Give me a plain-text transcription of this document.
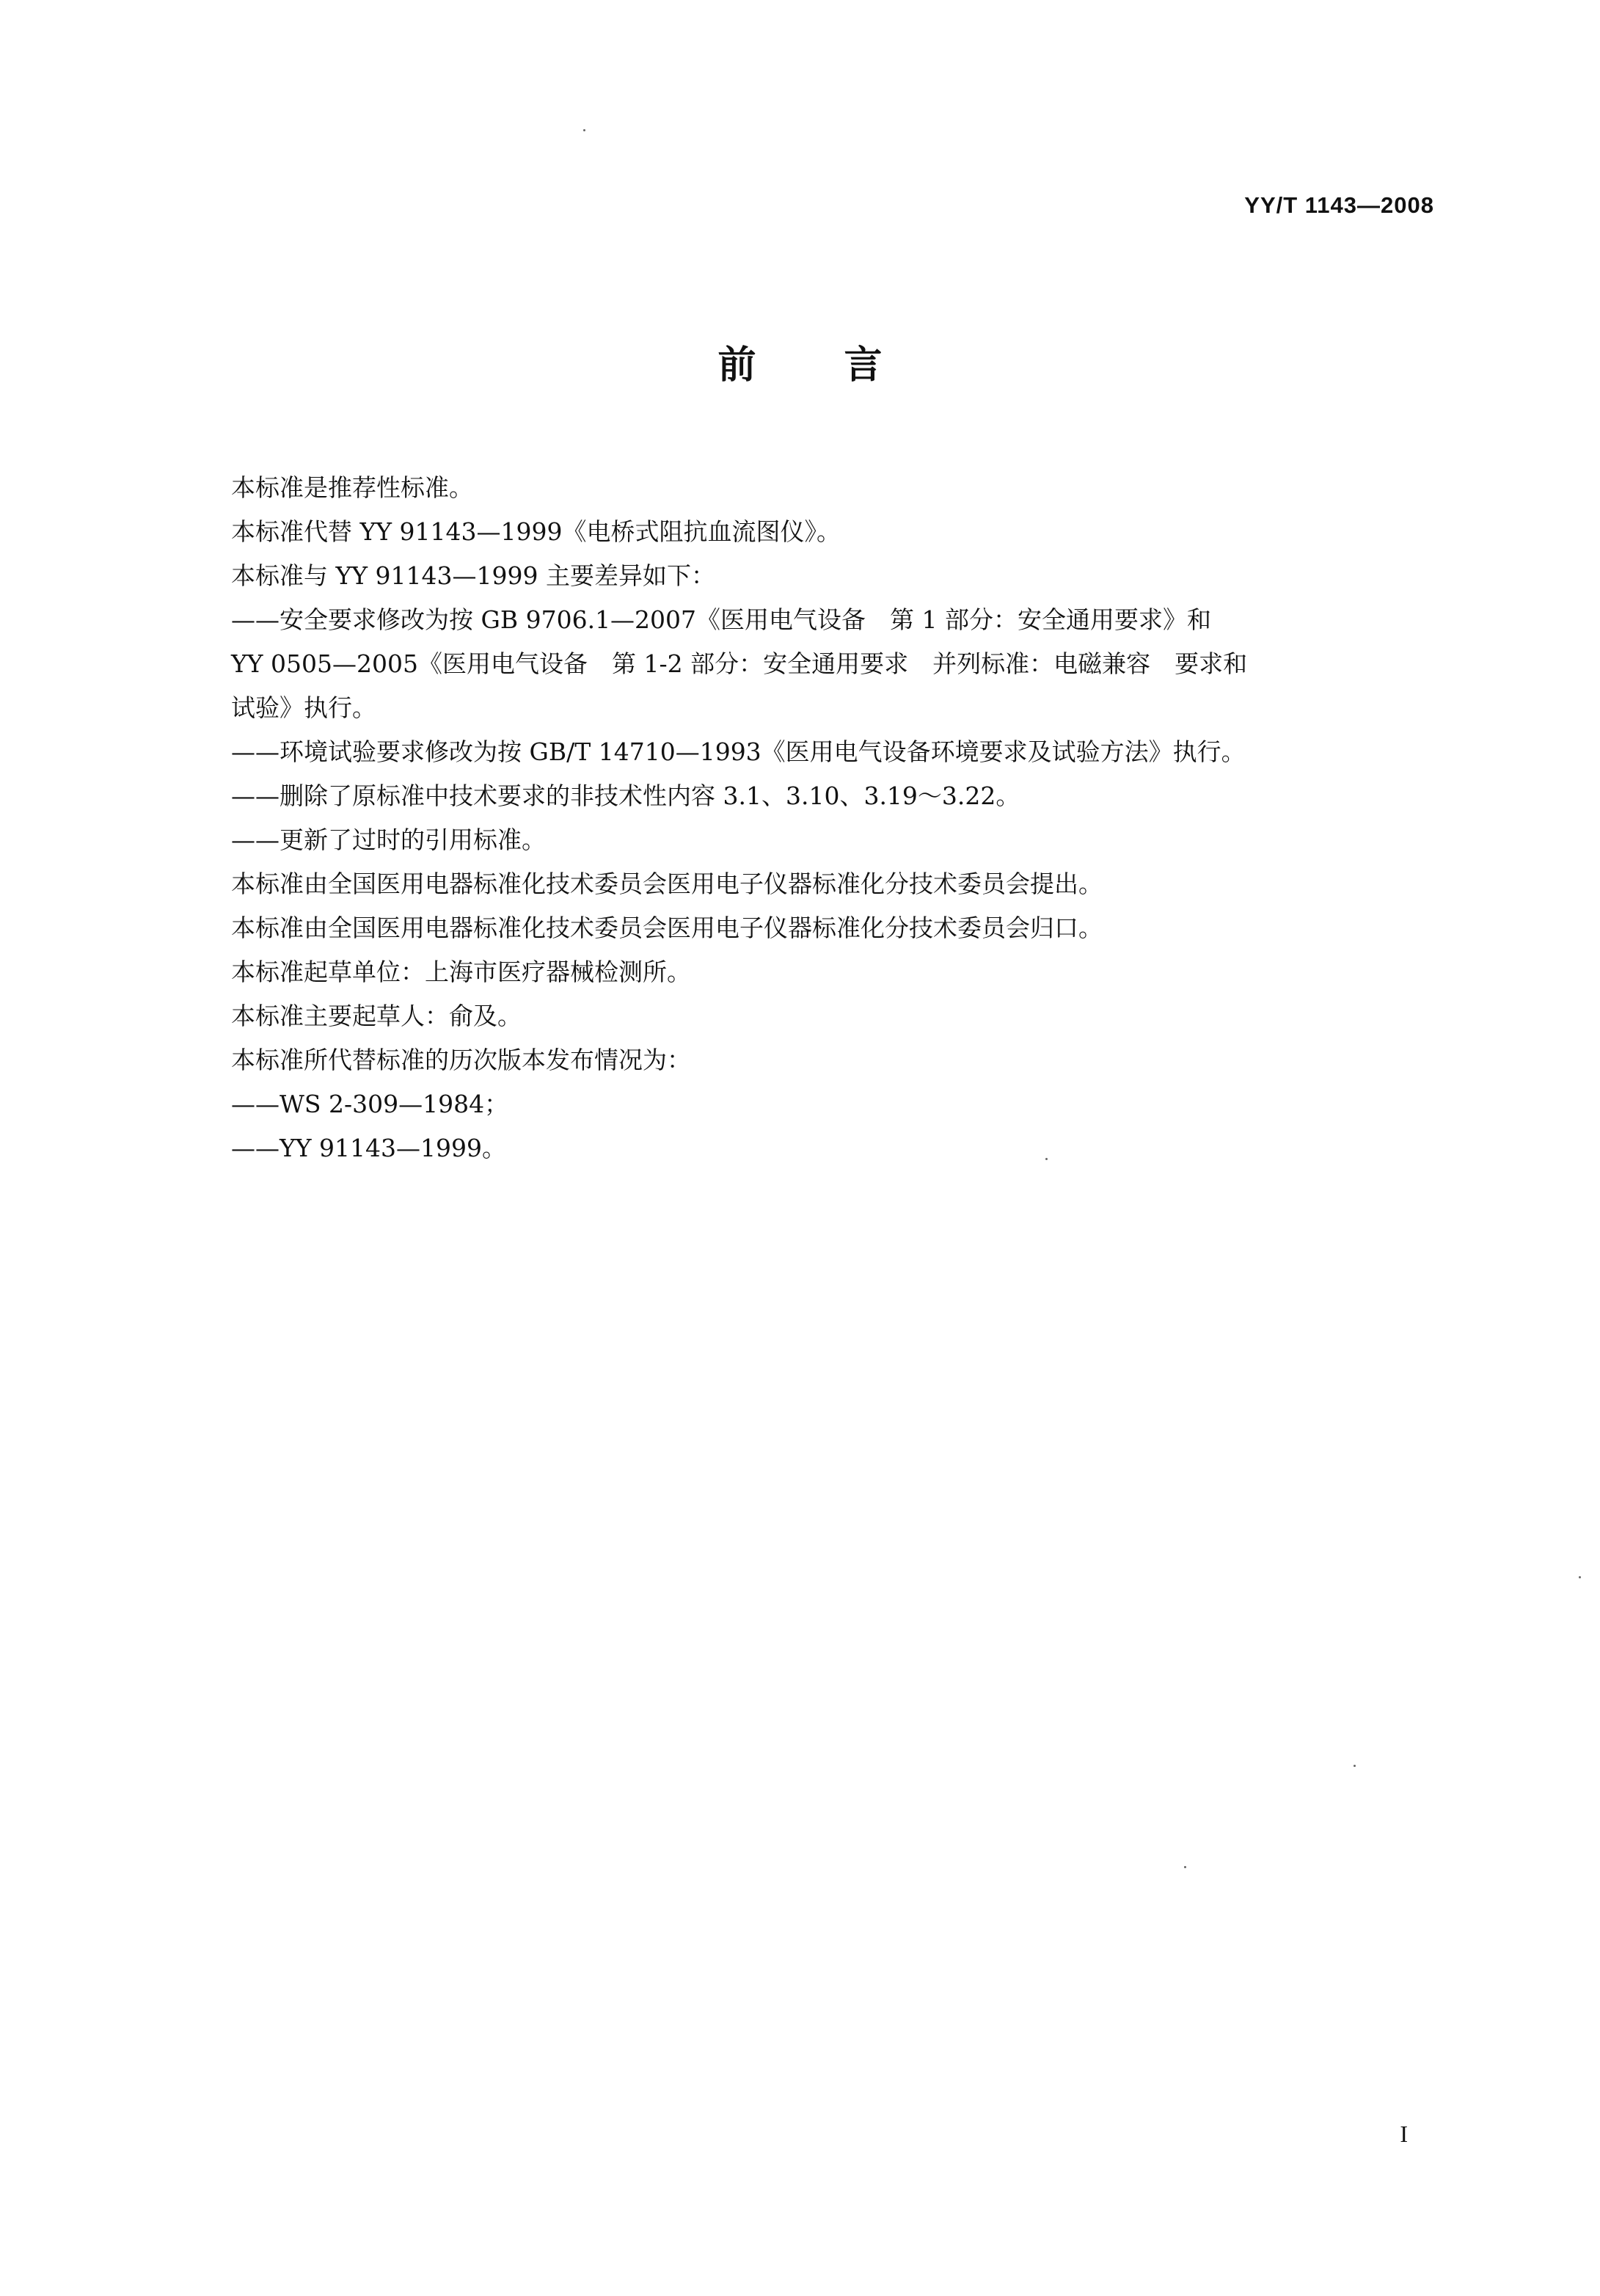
YY/T 1143—2008
前言

本标准是推荐性标准。

本标准代替 YY 91143—1999《电桥式阻抗血流图仪》。

本标准与 YY 91143—1999 主要差异如下：

——安全要求修改为按 GB 9706.1—2007《医用电气设备　第 1 部分：安全通用要求》和
YY 0505—2005《医用电气设备　第 1-2 部分：安全通用要求　并列标准：电磁兼容　要求和
试验》执行。

——环境试验要求修改为按 GB/T 14710—1993《医用电气设备环境要求及试验方法》执行。

——删除了原标准中技术要求的非技术性内容 3.1、3.10、3.19～3.22。

——更新了过时的引用标准。

本标准由全国医用电器标准化技术委员会医用电子仪器标准化分技术委员会提出。

本标准由全国医用电器标准化技术委员会医用电子仪器标准化分技术委员会归口。

本标准起草单位：上海市医疗器械检测所。

本标准主要起草人：俞及。

本标准所代替标准的历次版本发布情况为：

——WS 2-309—1984；

——YY 91143—1999。

I
